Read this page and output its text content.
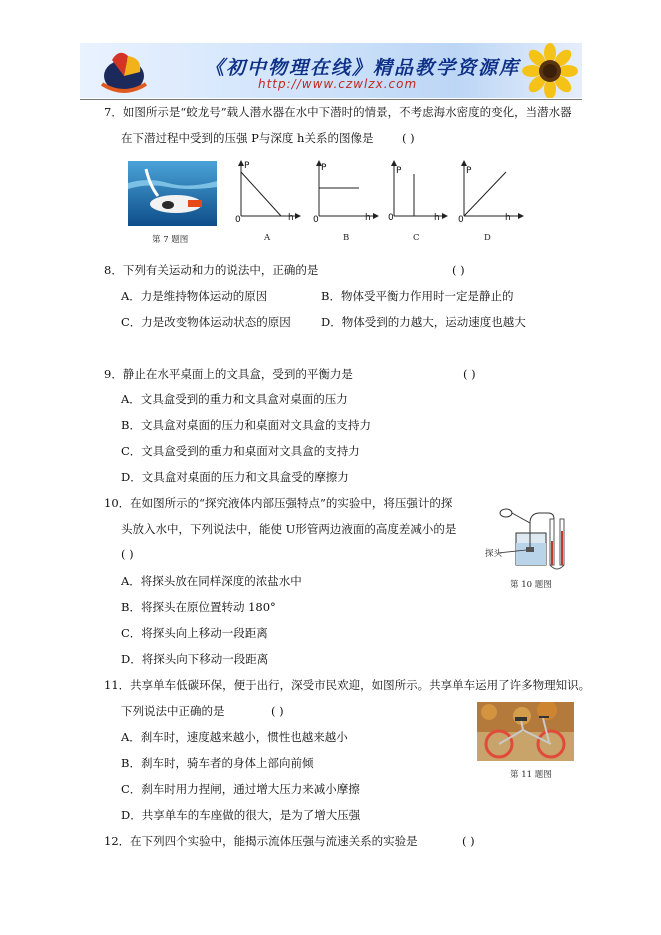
《初中物理在线》精品教学资源库
http://www.czwlzx.com
7．如图所示是“蛟龙号”载人潜水器在水中下潜时的情景，不考虑海水密度的变化，当潜水器
在下潜过程中受到的压强 P与深度 h关系的图像是 ( )
第 7 题图
P
h
0
A
P
h
0
B
P
h
0
C
P
h
0
D
8．下列有关运动和力的说法中，正确的是	( )
A．力是维持物体运动的原因	B．物体受平衡力作用时一定是静止的
C．力是改变物体运动状态的原因	D．物体受到的力越大，运动速度也越大
9．静止在水平桌面上的文具盒，受到的平衡力是	( )
A．文具盒受到的重力和文具盒对桌面的压力
B．文具盒对桌面的压力和桌面对文具盒的支持力
C．文具盒受到的重力和桌面对文具盒的支持力
D．文具盒对桌面的压力和文具盒受的摩擦力
10．在如图所示的“探究液体内部压强特点”的实验中，将压强计的探
头放入水中，下列说法中，能使 U形管两边液面的高度差减小的是
( )
A．将探头放在同样深度的浓盐水中
B．将探头在原位置转动 180°
C．将探头向上移动一段距离
D．将探头向下移动一段距离
探头
第 10 题图
11．共享单车低碳环保，便于出行，深受市民欢迎，如图所示。共享单车运用了许多物理知识。
下列说法中正确的是	( )
A．刹车时，速度越来越小，惯性也越来越小
B．刹车时，骑车者的身体上部向前倾
C．刹车时用力捏闸，通过增大压力来减小摩擦
D．共享单车的车座做的很大，是为了增大压强
第 11 题图
12．在下列四个实验中，能揭示流体压强与流速关系的实验是	( )
